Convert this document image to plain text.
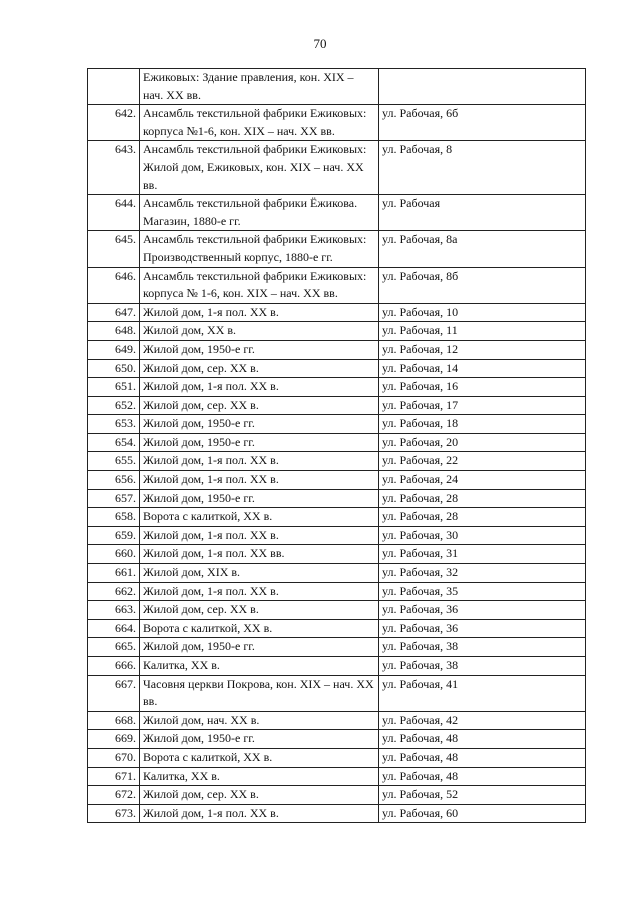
70
	Ежиковых: Здание правления, кон. XIX – нач. XX вв.	
642.	Ансамбль текстильной фабрики Ежиковых: корпуса №1-6, кон. XIX – нач. XX вв.	ул. Рабочая, 6б
643.	Ансамбль текстильной фабрики Ежиковых: Жилой дом, Ежиковых, кон. XIX – нач. XX вв.	ул. Рабочая, 8
644.	Ансамбль текстильной фабрики Ёжикова. Магазин, 1880-е гг.	ул. Рабочая
645.	Ансамбль текстильной фабрики Ежиковых: Производственный корпус, 1880-е гг.	ул. Рабочая, 8а
646.	Ансамбль текстильной фабрики Ежиковых: корпуса № 1-6, кон. XIX – нач. XX вв.	ул. Рабочая, 8б
647.	Жилой дом, 1-я пол. XX в.	ул. Рабочая, 10
648.	Жилой дом, XX в.	ул. Рабочая, 11
649.	Жилой дом, 1950-е гг.	ул. Рабочая, 12
650.	Жилой дом, сер. XX в.	ул. Рабочая, 14
651.	Жилой дом, 1-я пол. XX в.	ул. Рабочая, 16
652.	Жилой дом, сер. XX в.	ул. Рабочая, 17
653.	Жилой дом, 1950-е гг.	ул. Рабочая, 18
654.	Жилой дом, 1950-е гг.	ул. Рабочая, 20
655.	Жилой дом, 1-я пол. XX в.	ул. Рабочая, 22
656.	Жилой дом, 1-я пол. XX в.	ул. Рабочая, 24
657.	Жилой дом, 1950-е гг.	ул. Рабочая, 28
658.	Ворота с калиткой, XX в.	ул. Рабочая, 28
659.	Жилой дом, 1-я пол. XX в.	ул. Рабочая, 30
660.	Жилой дом, 1-я пол. XX вв.	ул. Рабочая, 31
661.	Жилой дом, XIX в.	ул. Рабочая, 32
662.	Жилой дом, 1-я пол. XX в.	ул. Рабочая, 35
663.	Жилой дом, сер. XX в.	ул. Рабочая, 36
664.	Ворота с калиткой, XX в.	ул. Рабочая, 36
665.	Жилой дом, 1950-е гг.	ул. Рабочая, 38
666.	Калитка, XX в.	ул. Рабочая, 38
667.	Часовня церкви Покрова, кон. XIX – нач. XX вв.	ул. Рабочая, 41
668.	Жилой дом, нач. XX в.	ул. Рабочая, 42
669.	Жилой дом, 1950-е гг.	ул. Рабочая, 48
670.	Ворота с калиткой, XX в.	ул. Рабочая, 48
671.	Калитка, XX в.	ул. Рабочая, 48
672.	Жилой дом, сер. XX в.	ул. Рабочая, 52
673.	Жилой дом, 1-я пол. XX в.	ул. Рабочая, 60
